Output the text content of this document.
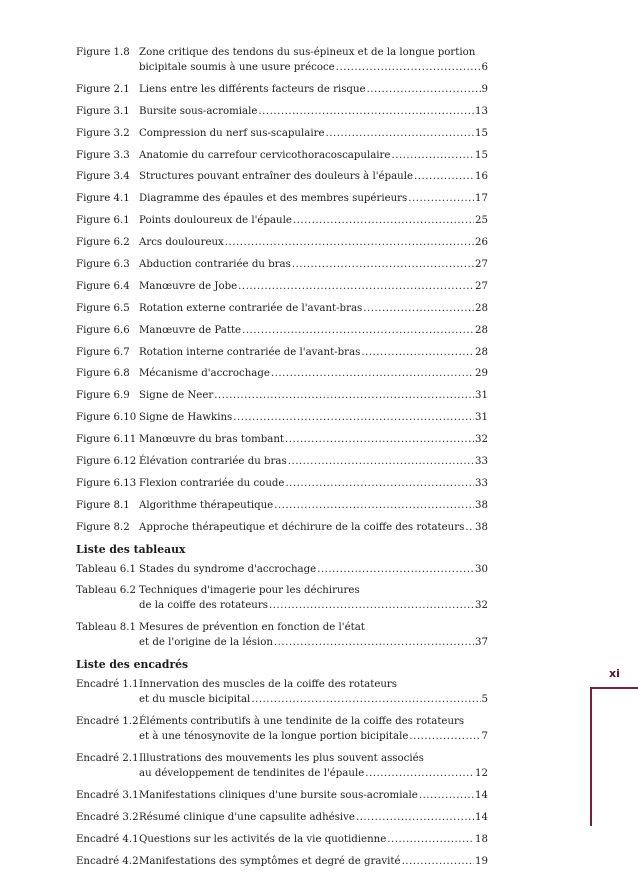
Figure 1.8 Zone critique des tendons du sus-épineux et de la longue portion
bicipitale soumis à une usure précoce .....	6
Figure 2.1 Liens entre les différents facteurs de risque .....	9
Figure 3.1 Bursite sous-acromiale .....	13
Figure 3.2 Compression du nerf sus-scapulaire .....	15
Figure 3.3 Anatomie du carrefour cervicothoracoscapulaire .....	15
Figure 3.4 Structures pouvant entraîner des douleurs à l'épaule .....	16
Figure 4.1 Diagramme des épaules et des membres supérieurs .....	17
Figure 6.1 Points douloureux de l'épaule .....	25
Figure 6.2 Arcs douloureux .....	26
Figure 6.3 Abduction contrariée du bras .....	27
Figure 6.4 Manœuvre de Jobe .....	27
Figure 6.5 Rotation externe contrariée de l'avant-bras .....	28
Figure 6.6 Manœuvre de Patte .....	28
Figure 6.7 Rotation interne contrariée de l'avant-bras .....	28
Figure 6.8 Mécanisme d'accrochage .....	29
Figure 6.9 Signe de Neer .....	31
Figure 6.10 Signe de Hawkins .....	31
Figure 6.11 Manœuvre du bras tombant .....	32
Figure 6.12 Élévation contrariée du bras .....	33
Figure 6.13 Flexion contrariée du coude .....	33
Figure 8.1 Algorithme thérapeutique .....	38
Figure 8.2 Approche thérapeutique et déchirure de la coiffe des rotateurs ..... 38
Liste des tableaux
Tableau 6.1 Stades du syndrome d'accrochage .....	30
Tableau 6.2 Techniques d'imagerie pour les déchirures
de la coiffe des rotateurs .....	32
Tableau 8.1 Mesures de prévention en fonction de l'état
et de l'origine de la lésion .....	37
Liste des encadrés
Encadré 1.1 Innervation des muscles de la coiffe des rotateurs
et du muscle bicipital .....	5
Encadré 1.2 Éléments contributifs à une tendinite de la coiffe des rotateurs
et à une ténosynovite de la longue portion bicipitale .....	7
Encadré 2.1 Illustrations des mouvements les plus souvent associés
au développement de tendinites de l'épaule .....	12
Encadré 3.1 Manifestations cliniques d'une bursite sous-acromiale .....	14
Encadré 3.2 Résumé clinique d'une capsulite adhésive .....	14
Encadré 4.1 Questions sur les activités de la vie quotidienne .....	18
Encadré 4.2 Manifestations des symptômes et degré de gravité .....	19
xi
